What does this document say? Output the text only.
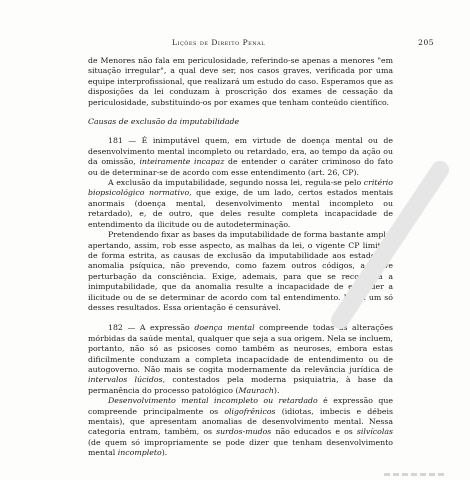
Lições de Direito Penal	205

de Menores não fala em periculosidade, referindo-se apenas a menores "em situação irregular", a qual deve ser, nos casos graves, verificada por uma equipe interprofissional, que realizará um estudo do caso. Esperamos que as disposições da lei conduzam à proscrição dos exames de cessação da periculosidade, substituindo-os por exames que tenham conteúdo científico.

Causas de exclusão da imputabilidade

181 — É inimputável quem, em virtude de doença mental ou de desenvolvimento mental incompleto ou retardado, era, ao tempo da ação ou da omissão, inteiramente incapaz de entender o caráter criminoso do fato ou de determinar-se de acordo com esse entendimento (art. 26, CP).

A exclusão da imputabilidade, segundo nossa lei, regula-se pelo critério biopsicológico normativo, que exige, de um lado, certos estados mentais anormais (doença mental, desenvolvimento mental incompleto ou retardado), e, de outro, que deles resulte completa incapacidade de entendimento da ilicitude ou de autodeterminação.

Pretendendo fixar as bases da imputabilidade de forma bastante ampla, apertando, assim, rob esse aspecto, as malhas da lei, o vigente CP limitou, de forma estrita, as causas de exclusão da imputabilidade aos estados de anomalia psíquica, não prevendo, como fazem outros códigos, a grave perturbação da consciência. Exige, ademais, para que se reconheça a inimputabilidade, que da anomalia resulte a incapacidade de entender a ilicitude ou de se determinar de acordo com tal entendimento. Basta um só desses resultados. Essa orientação é censurável.

182 — A expressão doença mental compreende todas as alterações mórbidas da saúde mental, qualquer que seja a sua origem. Nela se incluem, portanto, não só as psicoses como também as neuroses, embora estas dificilmente conduzam a completa incapacidade de entendimento ou de autogoverno. Não mais se cogita modernamente da relevância jurídica de intervalos lúcidos, contestados pela moderna psiquiatria, à base da permanência do processo patológico (Maurach).

Desenvolvimento mental incompleto ou retardado é expressão que compreende principalmente os oligofrênicos (idiotas, imbecis e débeis mentais), que apresentam anomalias de desenvolvimento mental. Nessa categoria entram, também, os surdos-mudos não educados e os silvícolas (de quem só impropriamente se pode dizer que tenham desenvolvimento mental incompleto).
